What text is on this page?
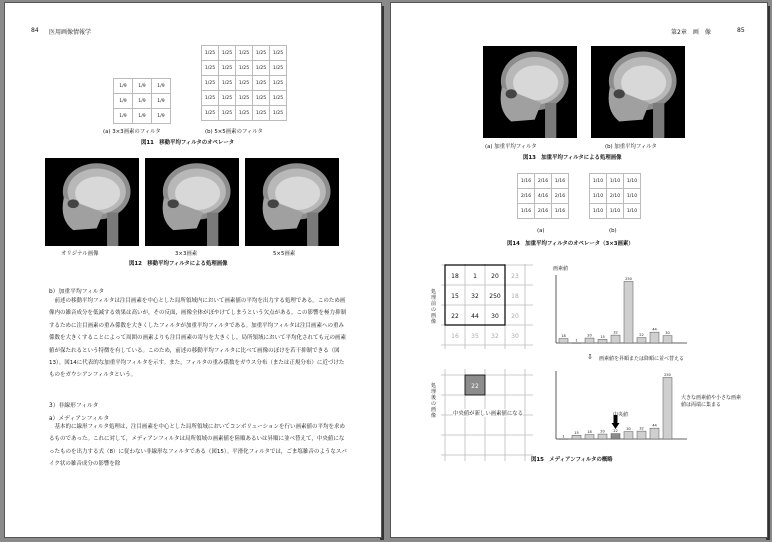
84 医用画像情報学
1/9	1/9	1/9
1/9	1/9	1/9
1/9	1/9	1/9
1/25	1/25	1/25	1/25	1/25
1/25	1/25	1/25	1/25	1/25
1/25	1/25	1/25	1/25	1/25
1/25	1/25	1/25	1/25	1/25
1/25	1/25	1/25	1/25	1/25
(a) 3×3画素のフィルタ	(b) 5×5画素のフィルタ
図11　移動平均フィルタのオペレータ
オリジナル画像	3×3画素	5×5画素
図12　移動平均フィルタによる処理画像
b）加重平均フィルタ

　前述の移動平均フィルタは注目画素を中心とした局所領域内において画素値の平均を出力する処理である。このため画像内の雑音成分を低減する効果は高いが，その反面，画像全体がぼやけてしまうという欠点がある。この影響を極力抑制するために注目画素の重み係数を大きくしたフィルタが加重平均フィルタである。加重平均フィルタは注目画素への重み係数を大きくすることによって周囲の画素よりも注目画素の寄与を大きくし，局所領域において平均化されても元の画素値が保たれるという特徴を有している。このため，前述の移動平均フィルタに比べて画像のぼけを若干抑制できる（図13）。図14に代表的な加重平均フィルタを示す。また，フィルタの重み係数をガウス分布（または正規分布）に近づけたものをガウシアンフィルタという。

3）非線形フィルタ
a）メディアンフィルタ

　基本的に線形フィルタ処理は，注目画素を中心とした局所領域においてコンボリューションを行い画素値の平均を求めるものであった。これに対して，メディアンフィルタは局所領域の画素値を陸順あるいは昇順に並べ替えて，中央値になったものを出力する式（8）に従わない非線形なフィルタである（図15）。平滑化フィルタでは，ごま塩雑音のようなスパイク状の雑音成分の影響を除

第2章　画　像	85
(a) 加重平均フィルタ	(b) 加重平均フィルタ
図13　加重平均フィルタによる処理画像
1/16	2/16	1/16
2/16	4/16	2/16
1/16	2/16	1/16
1/10	1/10	1/10
1/10	2/10	1/10
1/10	1/10	1/10
(a)	(b)
図14　加重平均フィルタのオペレータ（3×3画素）
処理前の画像
処理後の画像
18 1 20 23
15 32 250 18
22 44 30 20
16 35 32 30
22
中央値が新しい画素値になる
画素値
18
1
20 15
32
250
22
44
30
⇩ 画素値を昇順または降順に並べ替える
1
15 18 20 22 30 32
44
250
中央値
大きな画素値や小さな画素値は両端に集まる
図15　メディアンフィルタの概略
